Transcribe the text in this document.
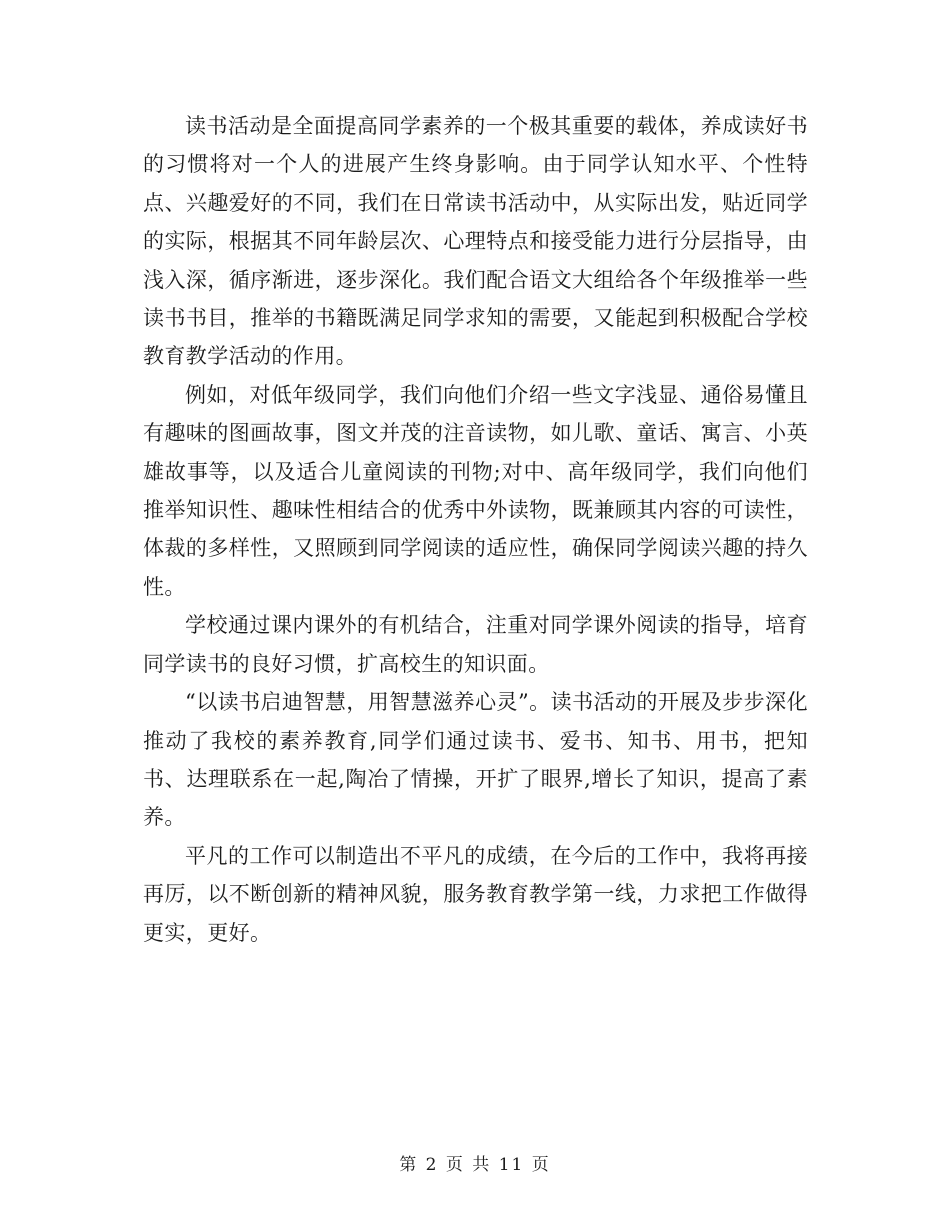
读书活动是全面提高同学素养的一个极其重要的载体，养成读好书的习惯将对一个人的进展产生终身影响。由于同学认知水平、个性特点、兴趣爱好的不同，我们在日常读书活动中，从实际出发，贴近同学的实际，根据其不同年龄层次、心理特点和接受能力进行分层指导，由浅入深，循序渐进，逐步深化。我们配合语文大组给各个年级推举一些读书书目，推举的书籍既满足同学求知的需要，又能起到积极配合学校教育教学活动的作用。

例如，对低年级同学，我们向他们介绍一些文字浅显、通俗易懂且有趣味的图画故事，图文并茂的注音读物，如儿歌、童话、寓言、小英雄故事等，以及适合儿童阅读的刊物;对中、高年级同学，我们向他们推举知识性、趣味性相结合的优秀中外读物，既兼顾其内容的可读性，体裁的多样性，又照顾到同学阅读的适应性，确保同学阅读兴趣的持久性。

学校通过课内课外的有机结合，注重对同学课外阅读的指导，培育同学读书的良好习惯，扩高校生的知识面。

“以读书启迪智慧，用智慧滋养心灵”。读书活动的开展及步步深化推动了我校的素养教育,同学们通过读书、爱书、知书、用书，把知书、达理联系在一起,陶冶了情操，开扩了眼界,增长了知识，提高了素养。

平凡的工作可以制造出不平凡的成绩，在今后的工作中，我将再接再厉，以不断创新的精神风貌，服务教育教学第一线，力求把工作做得更实，更好。

第 2 页 共 11 页
